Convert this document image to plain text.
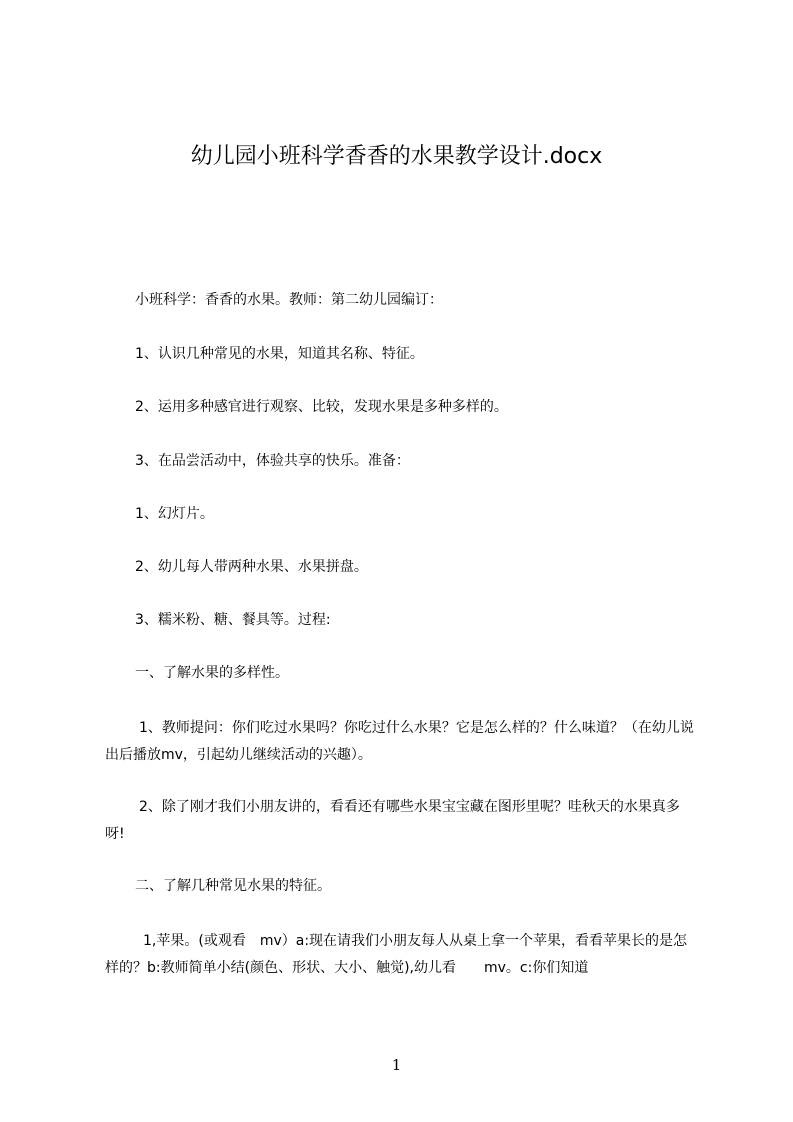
幼儿园小班科学香香的水果教学设计.docx

小班科学：香香的水果。教师：第二幼儿园编订：

1、认识几种常见的水果，知道其名称、特征。

2、运用多种感官进行观察、比较，发现水果是多种多样的。

3、在品尝活动中，体验共享的快乐。准备：

1、幻灯片。

2、幼儿每人带两种水果、水果拼盘。

3、糯米粉、糖、餐具等。过程:

一、了解水果的多样性。

1、教师提问：你们吃过水果吗？你吃过什么水果？它是怎么样的？什么味道？（在幼儿说出后播放mv，引起幼儿继续活动的兴趣）。

2、除了刚才我们小朋友讲的，看看还有哪些水果宝宝藏在图形里呢？哇秋天的水果真多呀!

二、了解几种常见水果的特征。

1,苹果。(或观看　mv）a:现在请我们小朋友每人从桌上拿一个苹果，看看苹果长的是怎样的？b:教师简单小结(颜色、形状、大小、触觉),幼儿看　　mv。c:你们知道

1
